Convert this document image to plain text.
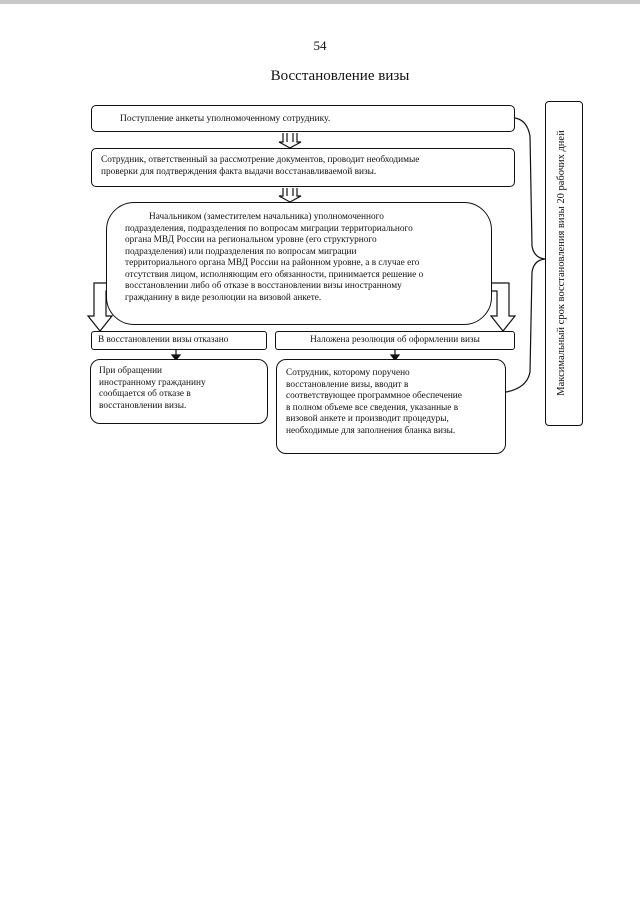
54
Восстановление визы
Поступление анкеты уполномоченному сотруднику.
Сотрудник, ответственный за рассмотрение документов, проводит необходимые
проверки для подтверждения факта выдачи восстанавливаемой визы.
Начальником (заместителем начальника) уполномоченного
подразделения, подразделения по вопросам миграции территориального
органа МВД России на региональном уровне (его структурного
подразделения) или подразделения по вопросам миграции
территориального органа МВД России на районном уровне, а в случае его
отсутствия лицом, исполняющим его обязанности, принимается решение о
восстановлении либо об отказе в восстановлении визы иностранному
гражданину в виде резолюции на визовой анкете.
В восстановлении визы отказано	Наложена резолюция об оформлении визы
При обращении
иностранному гражданину
сообщается об отказе в
восстановлении визы.
Сотрудник, которому поручено
восстановление визы, вводит в
соответствующее программное обеспечение
в полном объеме все сведения, указанные в
визовой анкете и производит процедуры,
необходимые для заполнения бланка визы.
Максимальный срок восстановления визы 20 рабочих дней
